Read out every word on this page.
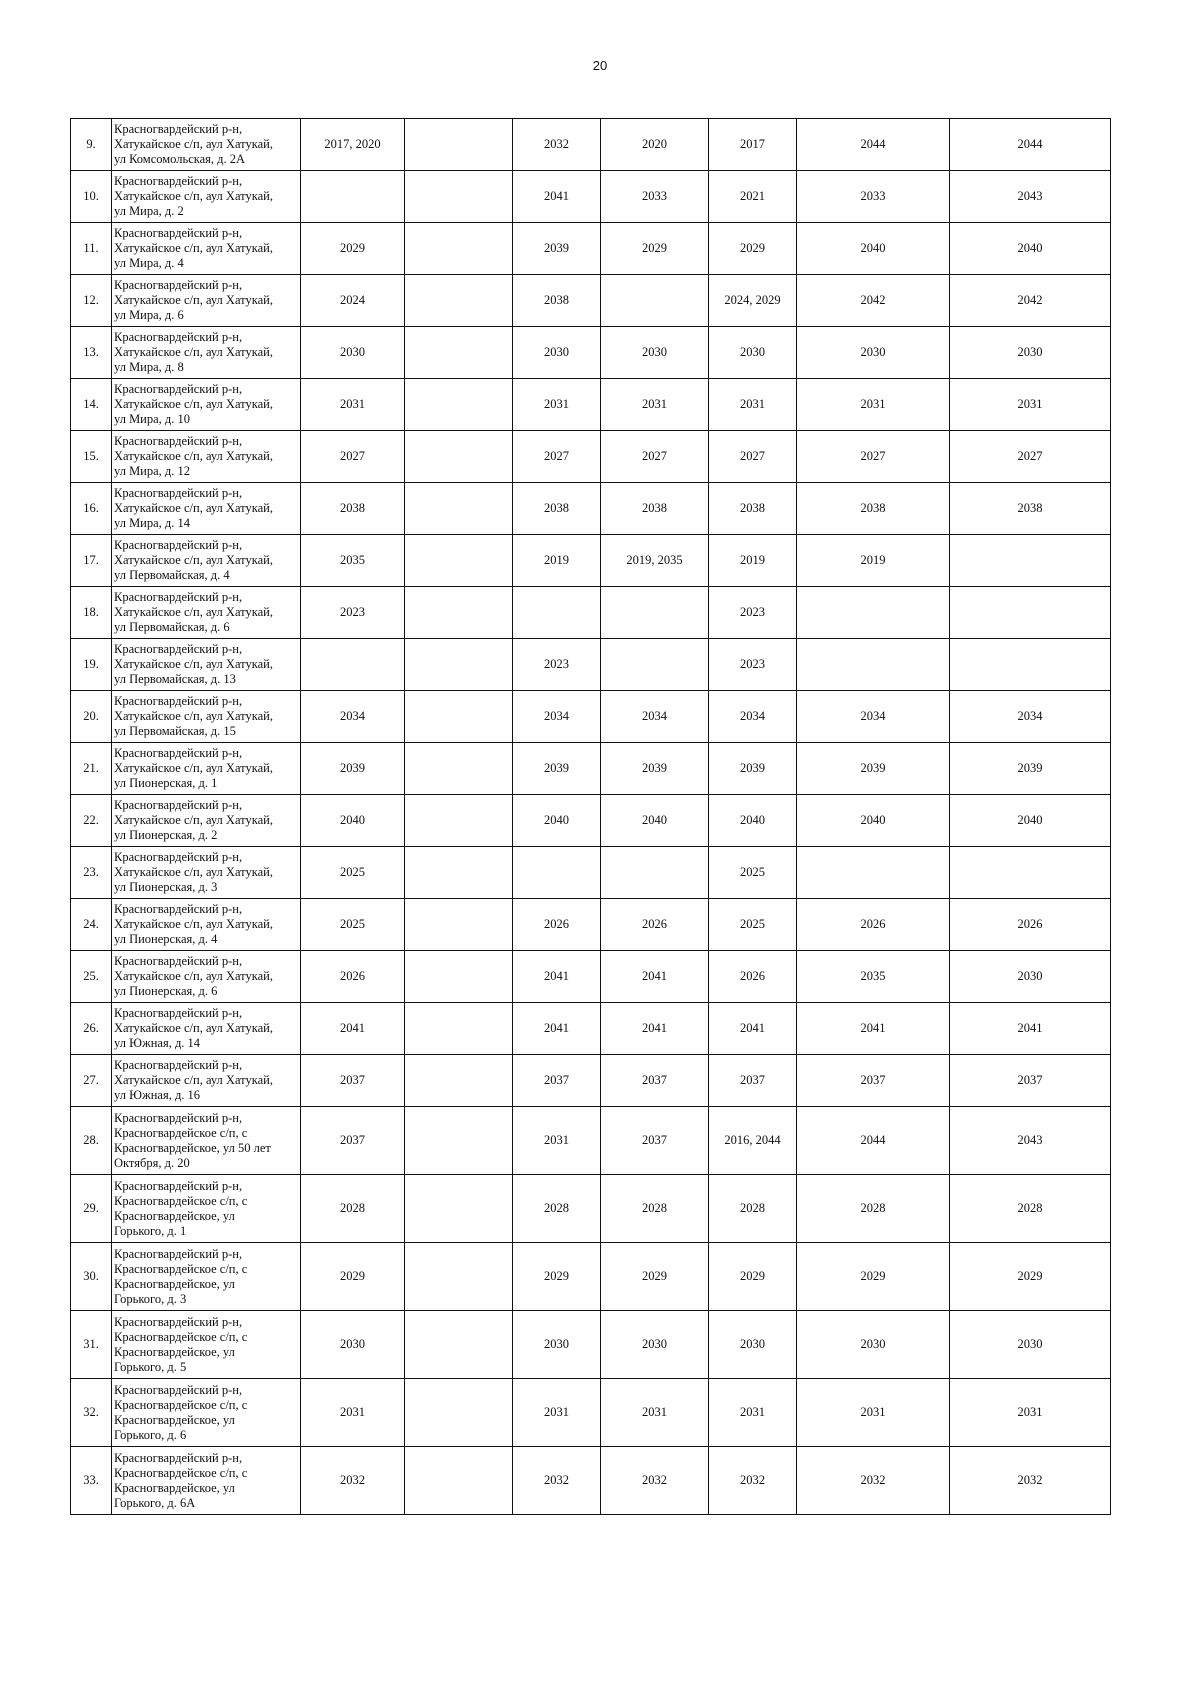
20
9.	Красногвардейский р-н,
Хатукайское с/п, аул Хатукай,
ул Комсомольская, д. 2А	2017, 2020		2032	2020	2017	2044	2044
10.	Красногвардейский р-н,
Хатукайское с/п, аул Хатукай,
ул Мира, д. 2			2041	2033	2021	2033	2043
11.	Красногвардейский р-н,
Хатукайское с/п, аул Хатукай,
ул Мира, д. 4	2029		2039	2029	2029	2040	2040
12.	Красногвардейский р-н,
Хатукайское с/п, аул Хатукай,
ул Мира, д. 6	2024		2038		2024, 2029	2042	2042
13.	Красногвардейский р-н,
Хатукайское с/п, аул Хатукай,
ул Мира, д. 8	2030		2030	2030	2030	2030	2030
14.	Красногвардейский р-н,
Хатукайское с/п, аул Хатукай,
ул Мира, д. 10	2031		2031	2031	2031	2031	2031
15.	Красногвардейский р-н,
Хатукайское с/п, аул Хатукай,
ул Мира, д. 12	2027		2027	2027	2027	2027	2027
16.	Красногвардейский р-н,
Хатукайское с/п, аул Хатукай,
ул Мира, д. 14	2038		2038	2038	2038	2038	2038
17.	Красногвардейский р-н,
Хатукайское с/п, аул Хатукай,
ул Первомайская, д. 4	2035		2019	2019, 2035	2019	2019	
18.	Красногвардейский р-н,
Хатукайское с/п, аул Хатукай,
ул Первомайская, д. 6	2023				2023		
19.	Красногвардейский р-н,
Хатукайское с/п, аул Хатукай,
ул Первомайская, д. 13			2023		2023		
20.	Красногвардейский р-н,
Хатукайское с/п, аул Хатукай,
ул Первомайская, д. 15	2034		2034	2034	2034	2034	2034
21.	Красногвардейский р-н,
Хатукайское с/п, аул Хатукай,
ул Пионерская, д. 1	2039		2039	2039	2039	2039	2039
22.	Красногвардейский р-н,
Хатукайское с/п, аул Хатукай,
ул Пионерская, д. 2	2040		2040	2040	2040	2040	2040
23.	Красногвардейский р-н,
Хатукайское с/п, аул Хатукай,
ул Пионерская, д. 3	2025				2025		
24.	Красногвардейский р-н,
Хатукайское с/п, аул Хатукай,
ул Пионерская, д. 4	2025		2026	2026	2025	2026	2026
25.	Красногвардейский р-н,
Хатукайское с/п, аул Хатукай,
ул Пионерская, д. 6	2026		2041	2041	2026	2035	2030
26.	Красногвардейский р-н,
Хатукайское с/п, аул Хатукай,
ул Южная, д. 14	2041		2041	2041	2041	2041	2041
27.	Красногвардейский р-н,
Хатукайское с/п, аул Хатукай,
ул Южная, д. 16	2037		2037	2037	2037	2037	2037
28.	Красногвардейский р-н,
Красногвардейское с/п, с
Красногвардейское, ул 50 лет
Октября, д. 20	2037		2031	2037	2016, 2044	2044	2043
29.	Красногвардейский р-н,
Красногвардейское с/п, с
Красногвардейское, ул
Горького, д. 1	2028		2028	2028	2028	2028	2028
30.	Красногвардейский р-н,
Красногвардейское с/п, с
Красногвардейское, ул
Горького, д. 3	2029		2029	2029	2029	2029	2029
31.	Красногвардейский р-н,
Красногвардейское с/п, с
Красногвардейское, ул
Горького, д. 5	2030		2030	2030	2030	2030	2030
32.	Красногвардейский р-н,
Красногвардейское с/п, с
Красногвардейское, ул
Горького, д. 6	2031		2031	2031	2031	2031	2031
33.	Красногвардейский р-н,
Красногвардейское с/п, с
Красногвардейское, ул
Горького, д. 6А	2032		2032	2032	2032	2032	2032
